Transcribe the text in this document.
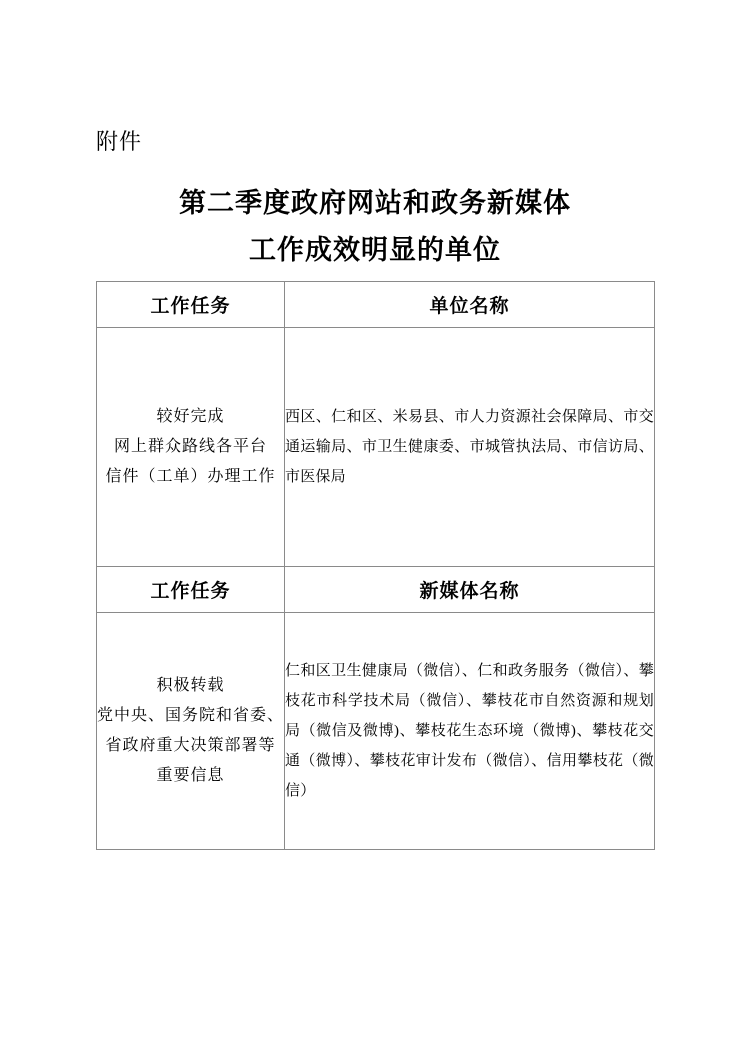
附件
第二季度政府网站和政务新媒体
工作成效明显的单位
工作任务	单位名称

较好完成
网上群众路线各平台
信件（工单）办理工作	西区、仁和区、米易县、市人力资源社会保障局、市交通运输局、市卫生健康委、市城管执法局、市信访局、市医保局
工作任务	新媒体名称

积极转载
党中央、国务院和省委、
省政府重大决策部署等
重要信息	仁和区卫生健康局（微信）、仁和政务服务（微信）、攀枝花市科学技术局（微信）、攀枝花市自然资源和规划局（微信及微博)、攀枝花生态环境（微博)、攀枝花交通（微博）、攀枝花审计发布（微信）、信用攀枝花（微信）
